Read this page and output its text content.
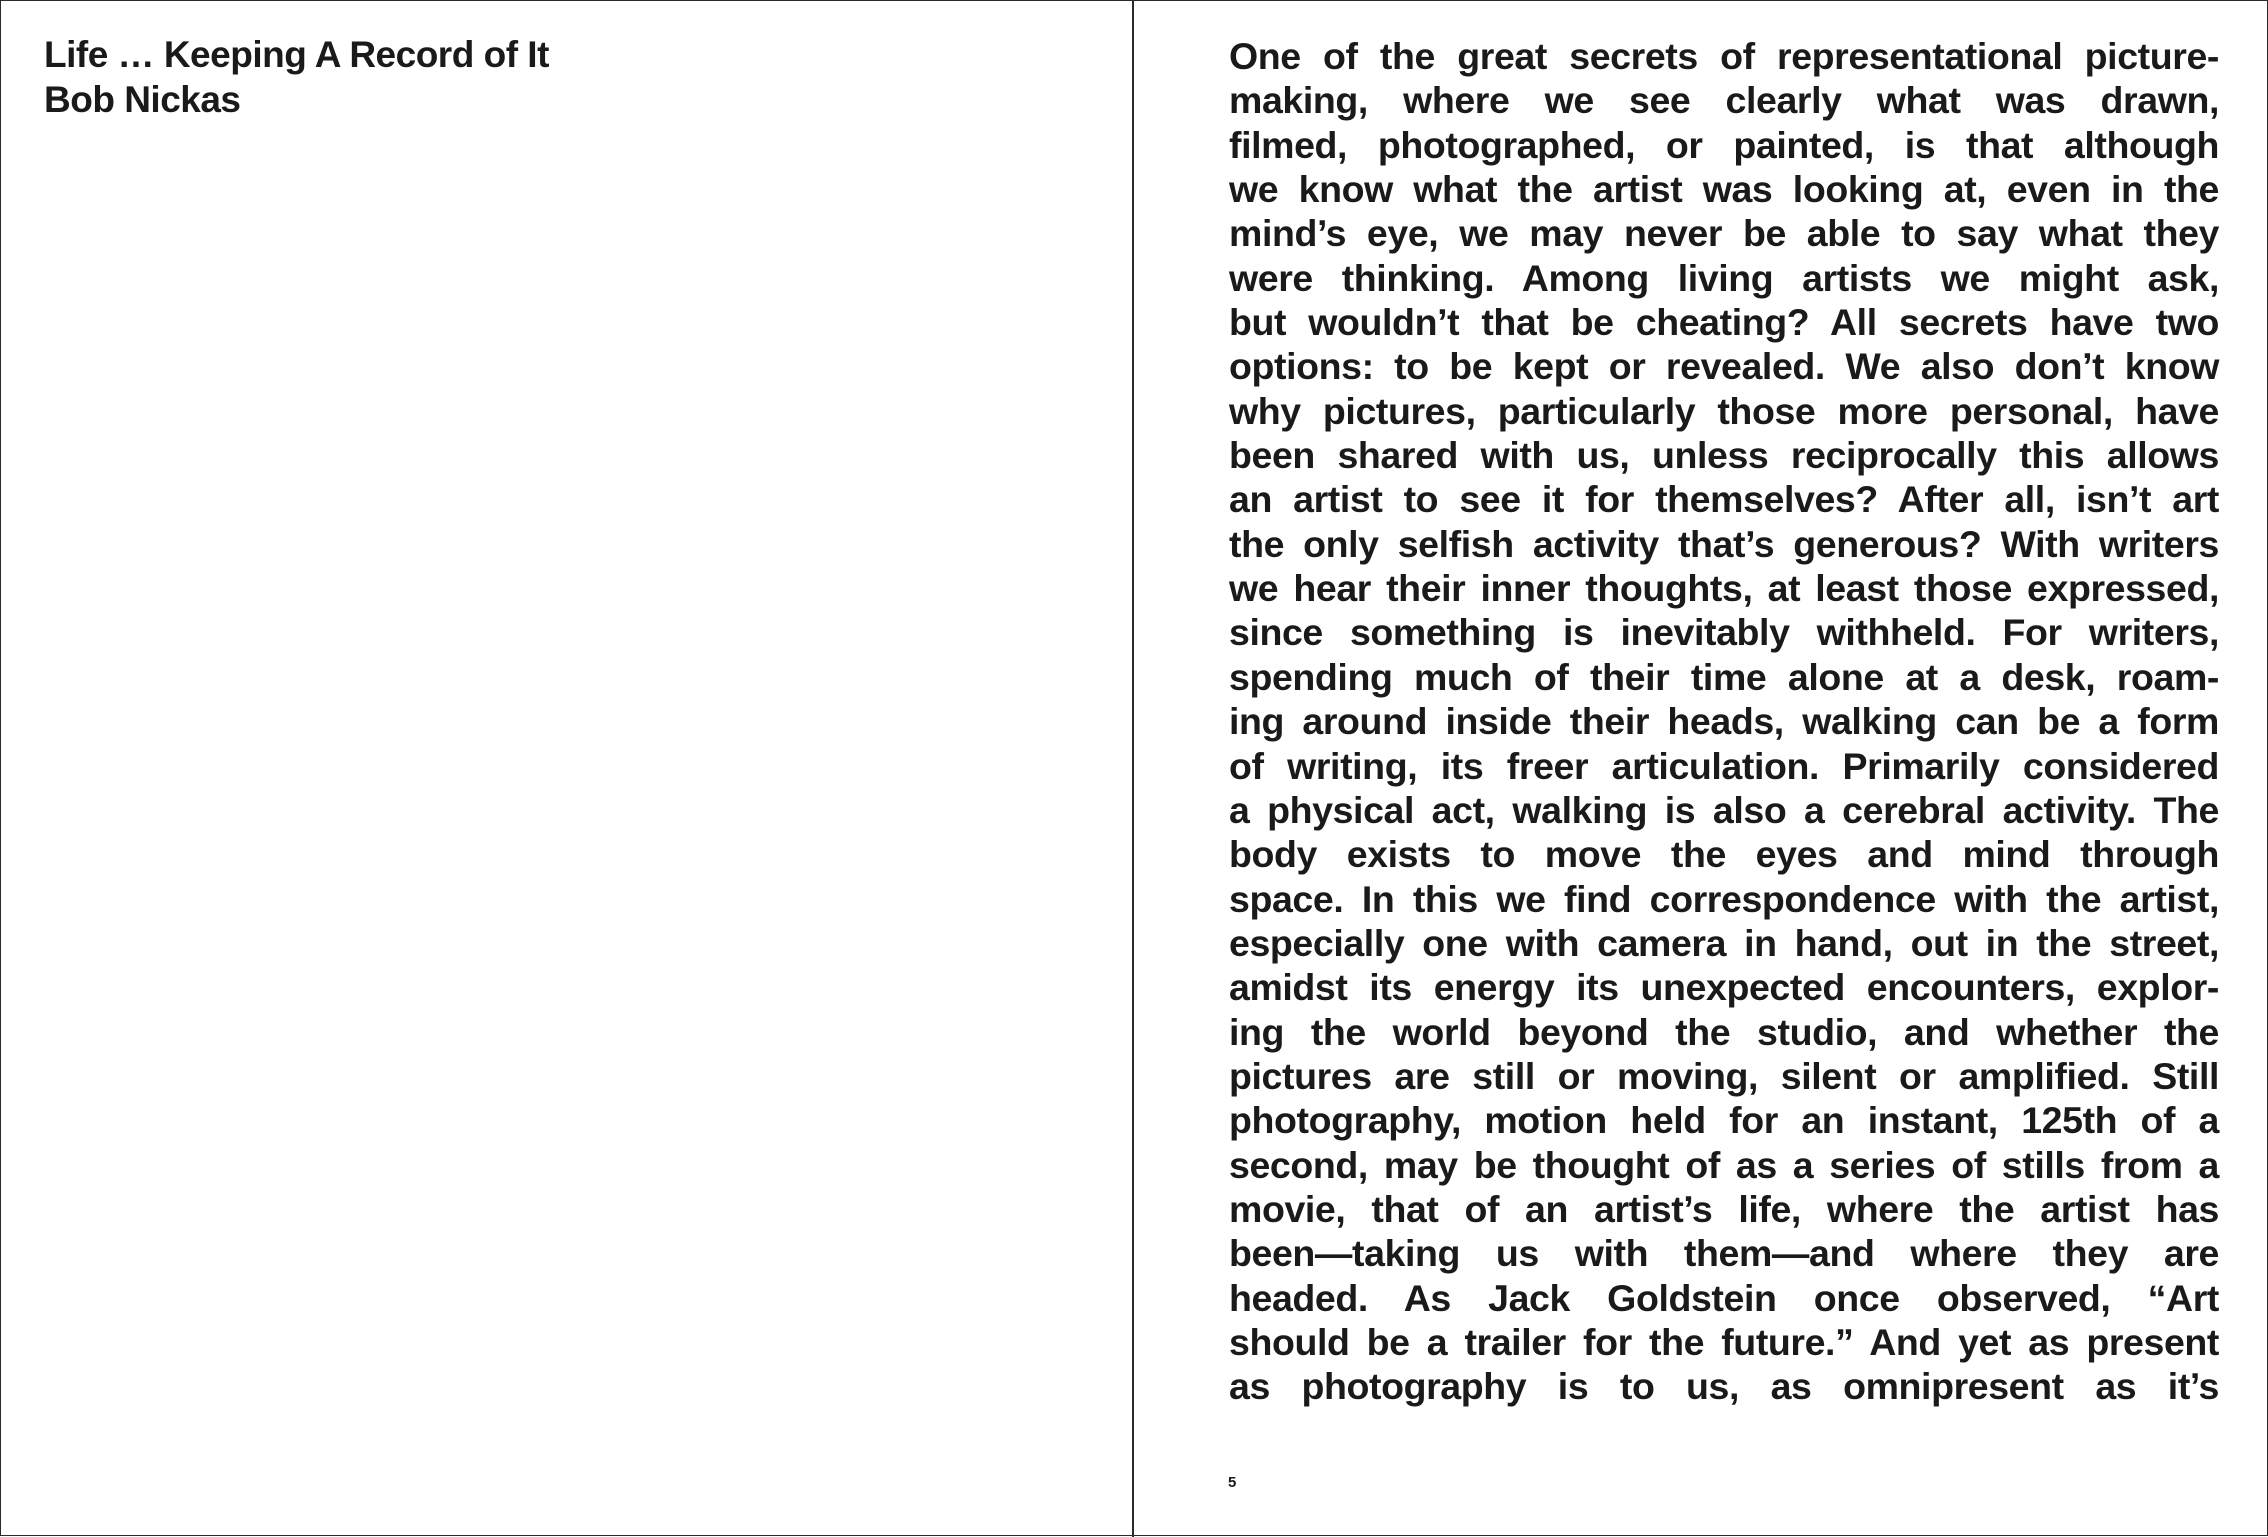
Life … Keeping A Record of It
Bob Nickas
One of the great secrets of representational picture-
making, where we see clearly what was drawn,
filmed, photographed, or painted, is that although
we know what the artist was looking at, even in the
mind’s eye, we may never be able to say what they
were thinking. Among living artists we might ask,
but wouldn’t that be cheating? All secrets have two
options: to be kept or revealed. We also don’t know
why pictures, particularly those more personal, have
been shared with us, unless reciprocally this allows
an artist to see it for themselves? After all, isn’t art
the only selfish activity that’s generous? With writers
we hear their inner thoughts, at least those expressed,
since something is inevitably withheld. For writers,
spending much of their time alone at a desk, roam-
ing around inside their heads, walking can be a form
of writing, its freer articulation. Primarily considered
a physical act, walking is also a cerebral activity. The
body exists to move the eyes and mind through
space. In this we find correspondence with the artist,
especially one with camera in hand, out in the street,
amidst its energy its unexpected encounters, explor-
ing the world beyond the studio, and whether the
pictures are still or moving, silent or amplified. Still
photography, motion held for an instant, 125th of a
second, may be thought of as a series of stills from a
movie, that of an artist’s life, where the artist has
been—taking us with them—and where they are
headed. As Jack Goldstein once observed, “Art
should be a trailer for the future.” And yet as present
as photography is to us, as omnipresent as it’s
5
